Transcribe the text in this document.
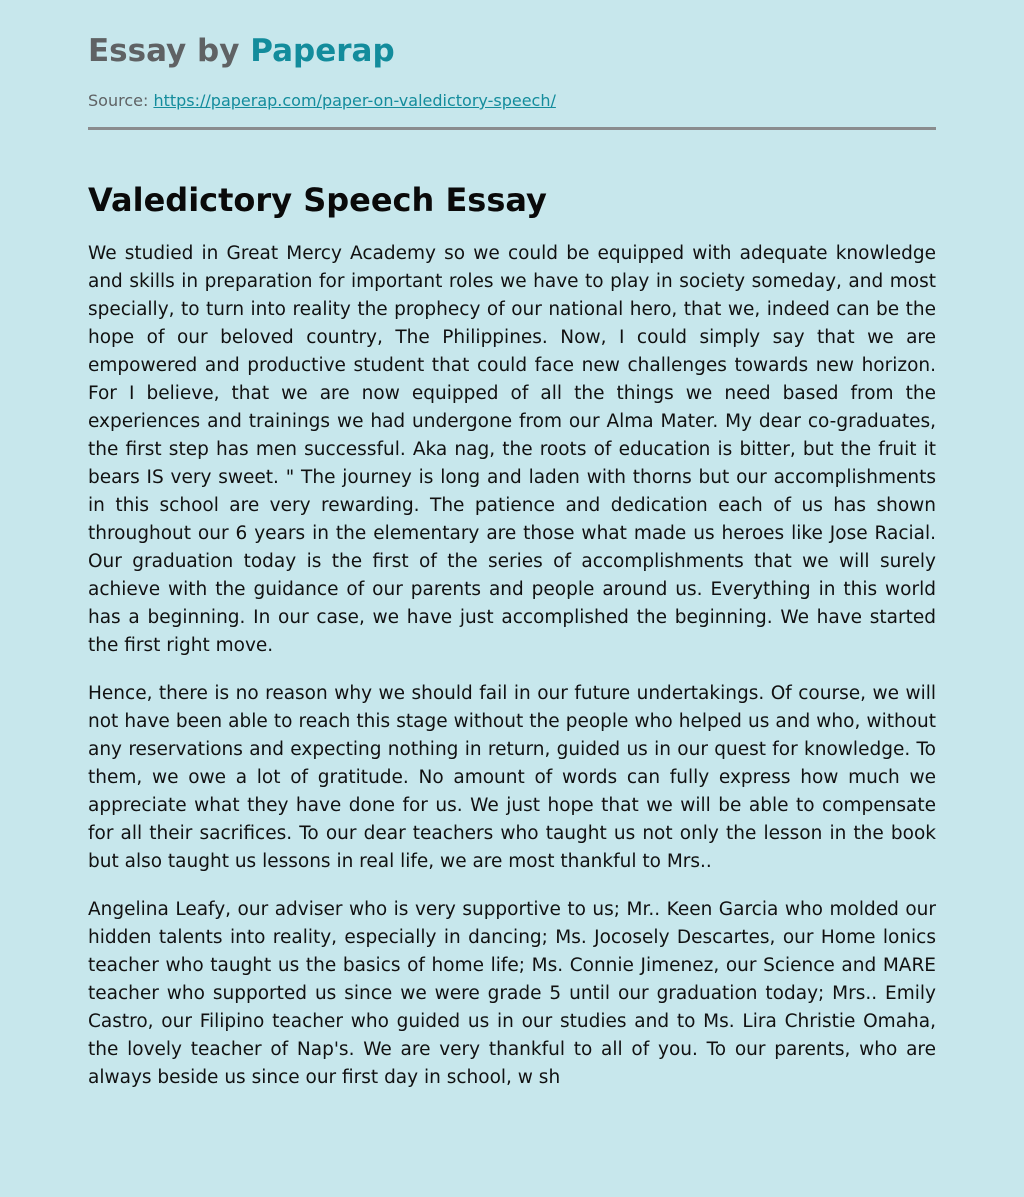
Essay by Paperap
Source: https://paperap.com/paper-on-valedictory-speech/
Valedictory Speech Essay

We studied in Great Mercy Academy so we could be equipped with adequate knowledge and skills in preparation for important roles we have to play in society someday, and most specially, to turn into reality the prophecy of our national hero, that we, indeed can be the hope of our beloved country, The Philippines. Now, I could simply say that we are empowered and productive student that could face new challenges towards new horizon. For I believe, that we are now equipped of all the things we need based from the experiences and trainings we had undergone from our Alma Mater. My dear co-graduates, the first step has men successful. Aka nag, the roots of education is bitter, but the fruit it bears IS very sweet. " The journey is long and laden with thorns but our accomplishments in this school are very rewarding. The patience and dedication each of us has shown throughout our 6 years in the elementary are those what made us heroes like Jose Racial. Our graduation today is the first of the series of accomplishments that we will surely achieve with the guidance of our parents and people around us. Everything in this world has a beginning. In our case, we have just accomplished the beginning. We have started the first right move.

Hence, there is no reason why we should fail in our future undertakings. Of course, we will not have been able to reach this stage without the people who helped us and who, without any reservations and expecting nothing in return, guided us in our quest for knowledge. To them, we owe a lot of gratitude. No amount of words can fully express how much we appreciate what they have done for us. We just hope that we will be able to compensate for all their sacrifices. To our dear teachers who taught us not only the lesson in the book but also taught us lessons in real life, we are most thankful to Mrs..

Angelina Leafy, our adviser who is very supportive to us; Mr.. Keen Garcia who molded our hidden talents into reality, especially in dancing; Ms. Jocosely Descartes, our Home lonics teacher who taught us the basics of home life; Ms. Connie Jimenez, our Science and MARE teacher who supported us since we were grade 5 until our graduation today; Mrs.. Emily Castro, our Filipino teacher who guided us in our studies and to Ms. Lira Christie Omaha, the lovely teacher of Nap's. We are very thankful to all of you. To our parents, who are always beside us since our first day in school, w sh
